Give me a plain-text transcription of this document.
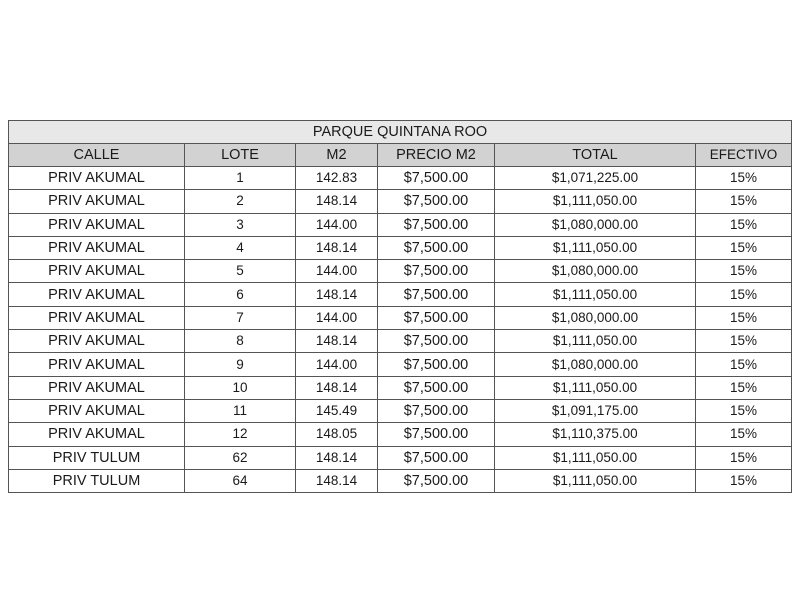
PARQUE QUINTANA ROO					
CALLE	LOTE	M2	PRECIO M2	TOTAL	EFECTIVO
PRIV AKUMAL	1	142.83	$7,500.00	$1,071,225.00	15%
PRIV AKUMAL	2	148.14	$7,500.00	$1,111,050.00	15%
PRIV AKUMAL	3	144.00	$7,500.00	$1,080,000.00	15%
PRIV AKUMAL	4	148.14	$7,500.00	$1,111,050.00	15%
PRIV AKUMAL	5	144.00	$7,500.00	$1,080,000.00	15%
PRIV AKUMAL	6	148.14	$7,500.00	$1,111,050.00	15%
PRIV AKUMAL	7	144.00	$7,500.00	$1,080,000.00	15%
PRIV AKUMAL	8	148.14	$7,500.00	$1,111,050.00	15%
PRIV AKUMAL	9	144.00	$7,500.00	$1,080,000.00	15%
PRIV AKUMAL	10	148.14	$7,500.00	$1,111,050.00	15%
PRIV AKUMAL	11	145.49	$7,500.00	$1,091,175.00	15%
PRIV AKUMAL	12	148.05	$7,500.00	$1,110,375.00	15%
PRIV TULUM	62	148.14	$7,500.00	$1,111,050.00	15%
PRIV TULUM	64	148.14	$7,500.00	$1,111,050.00	15%
